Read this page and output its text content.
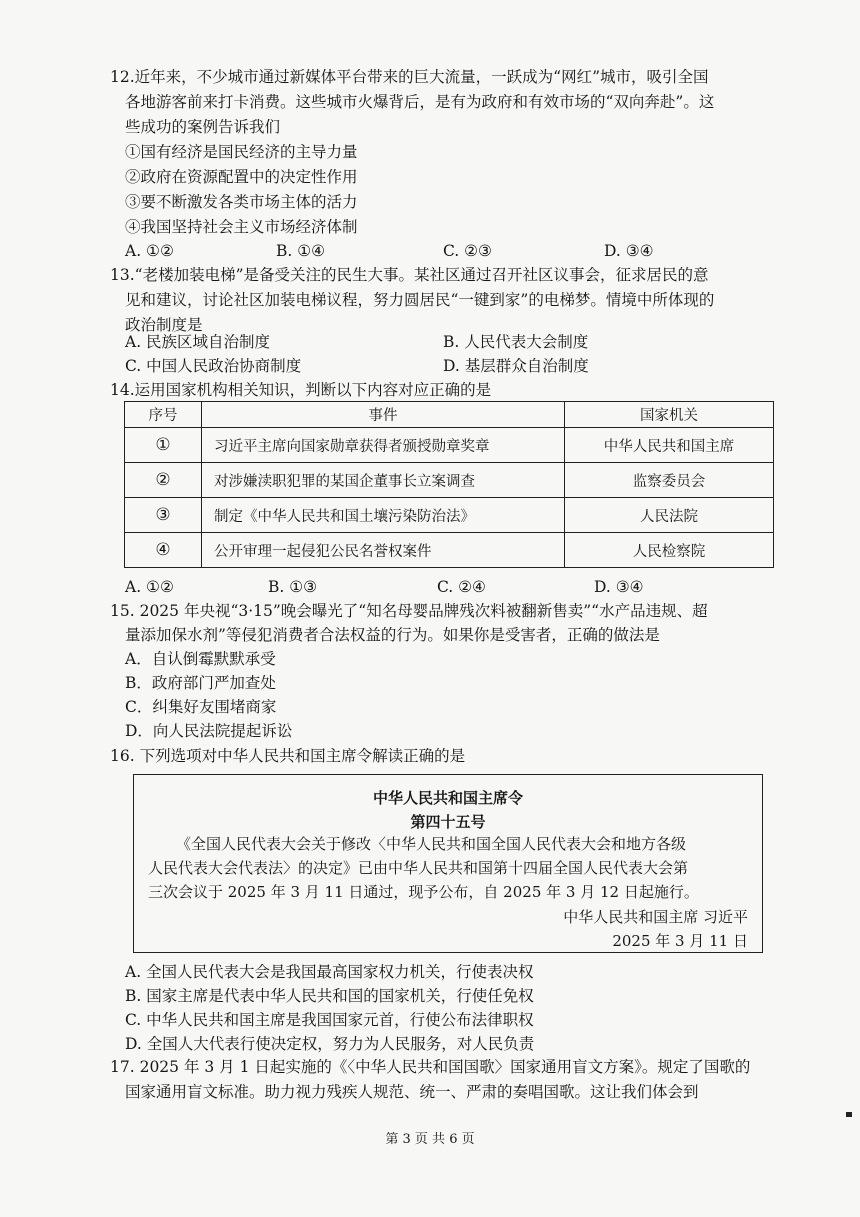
12.近年来，不少城市通过新媒体平台带来的巨大流量，一跃成为“网红”城市，吸引全国
各地游客前来打卡消费。这些城市火爆背后，是有为政府和有效市场的“双向奔赴”。这
些成功的案例告诉我们
①国有经济是国民经济的主导力量
②政府在资源配置中的决定性作用
③要不断激发各类市场主体的活力
④我国坚持社会主义市场经济体制
A. ①②	B. ①④	C. ②③	D. ③④
13.“老楼加装电梯”是备受关注的民生大事。某社区通过召开社区议事会，征求居民的意
见和建议，讨论社区加装电梯议程，努力圆居民“一键到家”的电梯梦。情境中所体现的
政治制度是
A. 民族区域自治制度	B. 人民代表大会制度
C. 中国人民政治协商制度	D. 基层群众自治制度
14.运用国家机构相关知识，判断以下内容对应正确的是
序号	事件	国家机关
①	习近平主席向国家勋章获得者颁授勋章奖章	中华人民共和国主席
②	对涉嫌渎职犯罪的某国企董事长立案调查	监察委员会
③	制定《中华人民共和国土壤污染防治法》	人民法院
④	公开审理一起侵犯公民名誉权案件	人民检察院
A. ①②	B. ①③	C. ②④	D. ③④
15. 2025 年央视“3·15”晚会曝光了“知名母婴品牌残次料被翻新售卖”“水产品违规、超
量添加保水剂”等侵犯消费者合法权益的行为。如果你是受害者，正确的做法是
A．自认倒霉默默承受
B．政府部门严加查处
C．纠集好友围堵商家
D．向人民法院提起诉讼
16. 下列选项对中华人民共和国主席令解读正确的是
中华人民共和国主席令
第四十五号
《全国人民代表大会关于修改〈中华人民共和国全国人民代表大会和地方各级
人民代表大会代表法〉的决定》已由中华人民共和国第十四届全国人民代表大会第
三次会议于 2025 年 3 月 11 日通过，现予公布，自 2025 年 3 月 12 日起施行。
中华人民共和国主席 习近平
2025 年 3 月 11 日
A. 全国人民代表大会是我国最高国家权力机关，行使表决权
B. 国家主席是代表中华人民共和国的国家机关，行使任免权
C. 中华人民共和国主席是我国国家元首，行使公布法律职权
D. 全国人大代表行使决定权，努力为人民服务，对人民负责
17. 2025 年 3 月 1 日起实施的《〈中华人民共和国国歌〉国家通用盲文方案》。规定了国歌的
国家通用盲文标准。助力视力残疾人规范、统一、严肃的奏唱国歌。这让我们体会到
第 3 页 共 6 页
